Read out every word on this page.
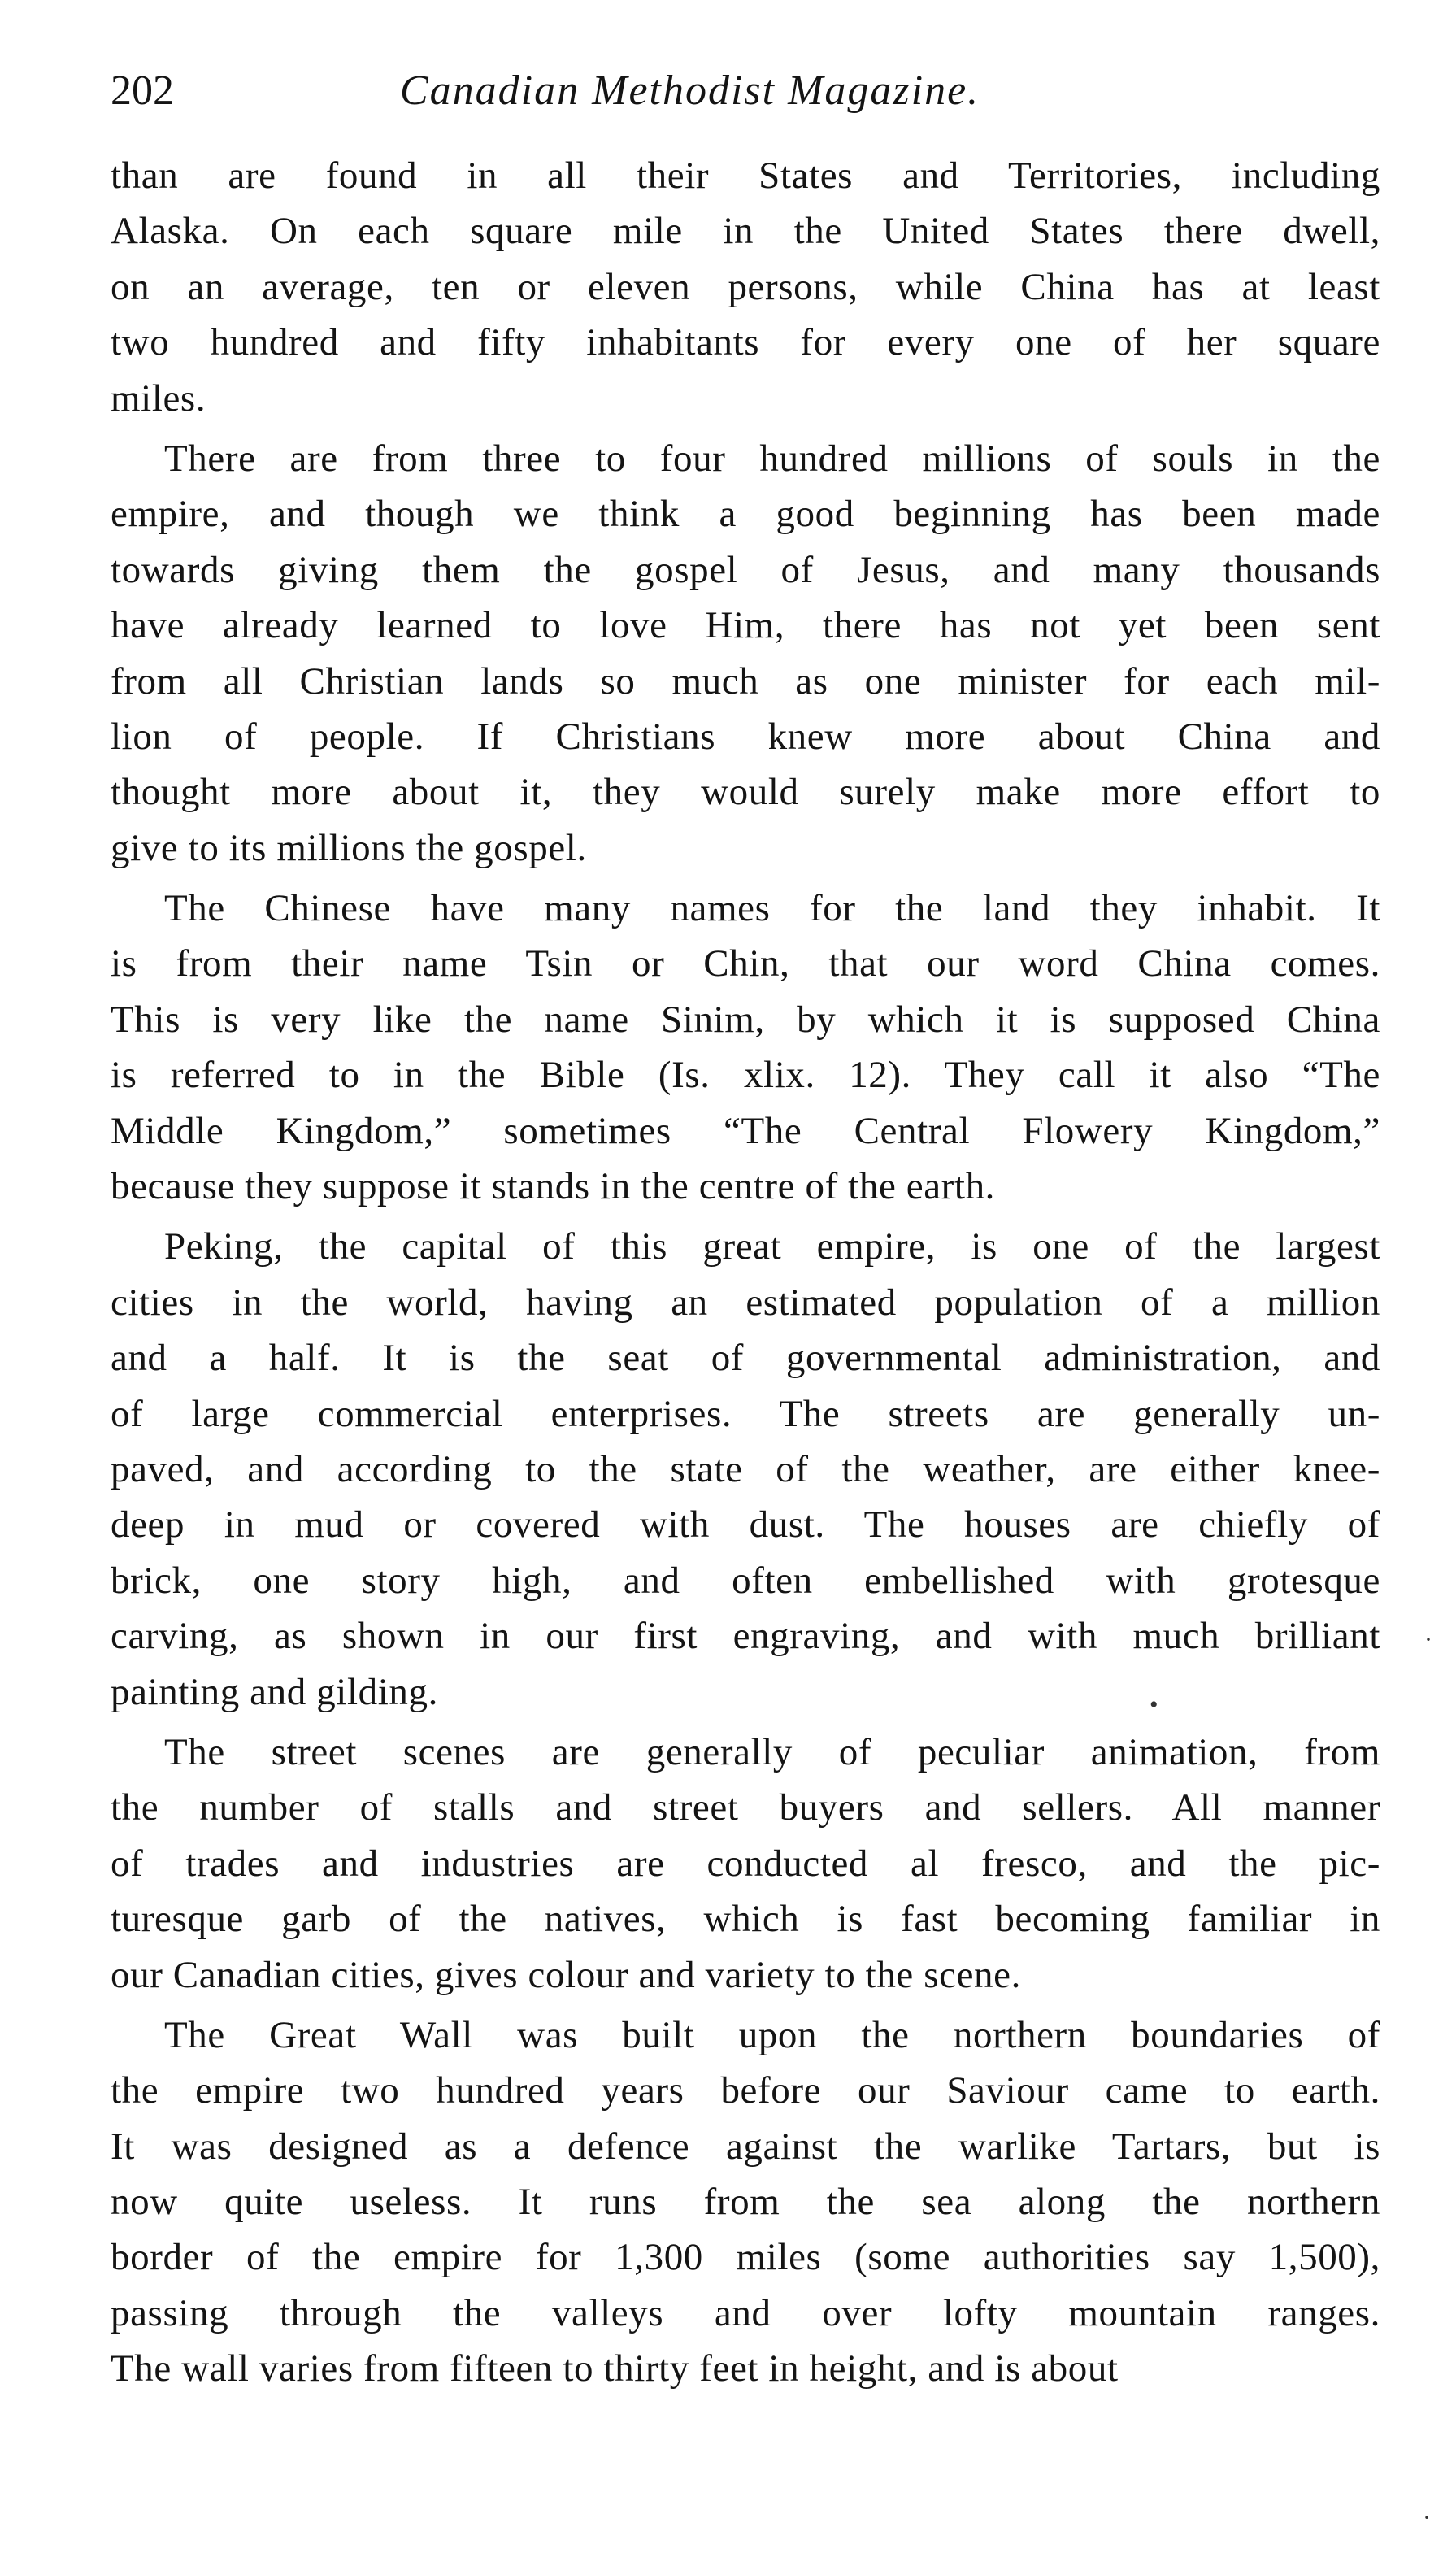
202	Canadian Methodist Magazine.
than are found in all their States and Territories, including
Alaska. On each square mile in the United States there dwell,
on an average, ten or eleven persons, while China has at least
two hundred and fifty inhabitants for every one of her square
miles.
There are from three to four hundred millions of souls in the
empire, and though we think a good beginning has been made
towards giving them the gospel of Jesus, and many thousands
have already learned to love Him, there has not yet been sent
from all Christian lands so much as one minister for each mil-
lion of people. If Christians knew more about China and
thought more about it, they would surely make more effort to
give to its millions the gospel.
The Chinese have many names for the land they inhabit. It
is from their name Tsin or Chin, that our word China comes.
This is very like the name Sinim, by which it is supposed China
is referred to in the Bible (Is. xlix. 12). They call it also “The
Middle Kingdom,” sometimes “The Central Flowery Kingdom,”
because they suppose it stands in the centre of the earth.
Peking, the capital of this great empire, is one of the largest
cities in the world, having an estimated population of a million
and a half. It is the seat of governmental administration, and
of large commercial enterprises. The streets are generally un-
paved, and according to the state of the weather, are either knee-
deep in mud or covered with dust. The houses are chiefly of
brick, one story high, and often embellished with grotesque
carving, as shown in our first engraving, and with much brilliant
painting and gilding.
The street scenes are generally of peculiar animation, from
the number of stalls and street buyers and sellers. All manner
of trades and industries are conducted al fresco, and the pic-
turesque garb of the natives, which is fast becoming familiar in
our Canadian cities, gives colour and variety to the scene.
The Great Wall was built upon the northern boundaries of
the empire two hundred years before our Saviour came to earth.
It was designed as a defence against the warlike Tartars, but is
now quite useless. It runs from the sea along the northern
border of the empire for 1,300 miles (some authorities say 1,500),
passing through the valleys and over lofty mountain ranges.
The wall varies from fifteen to thirty feet in height, and is about
•
·
·
